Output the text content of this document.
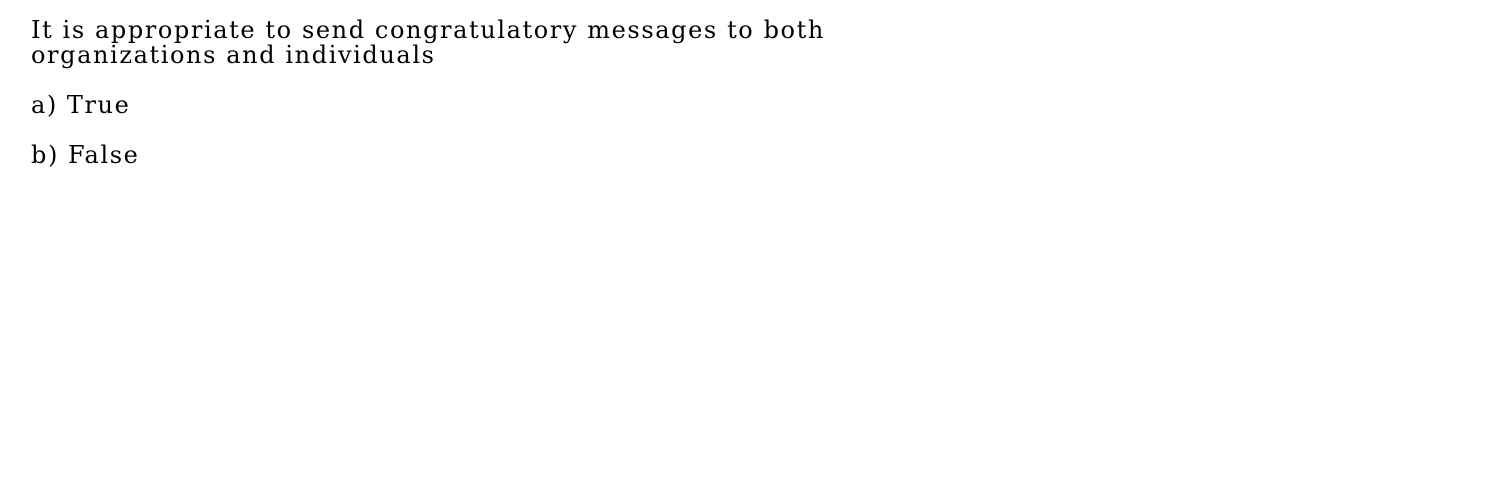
It is appropriate to send congratulatory messages to both
organizations and individuals
a) True
b) False
